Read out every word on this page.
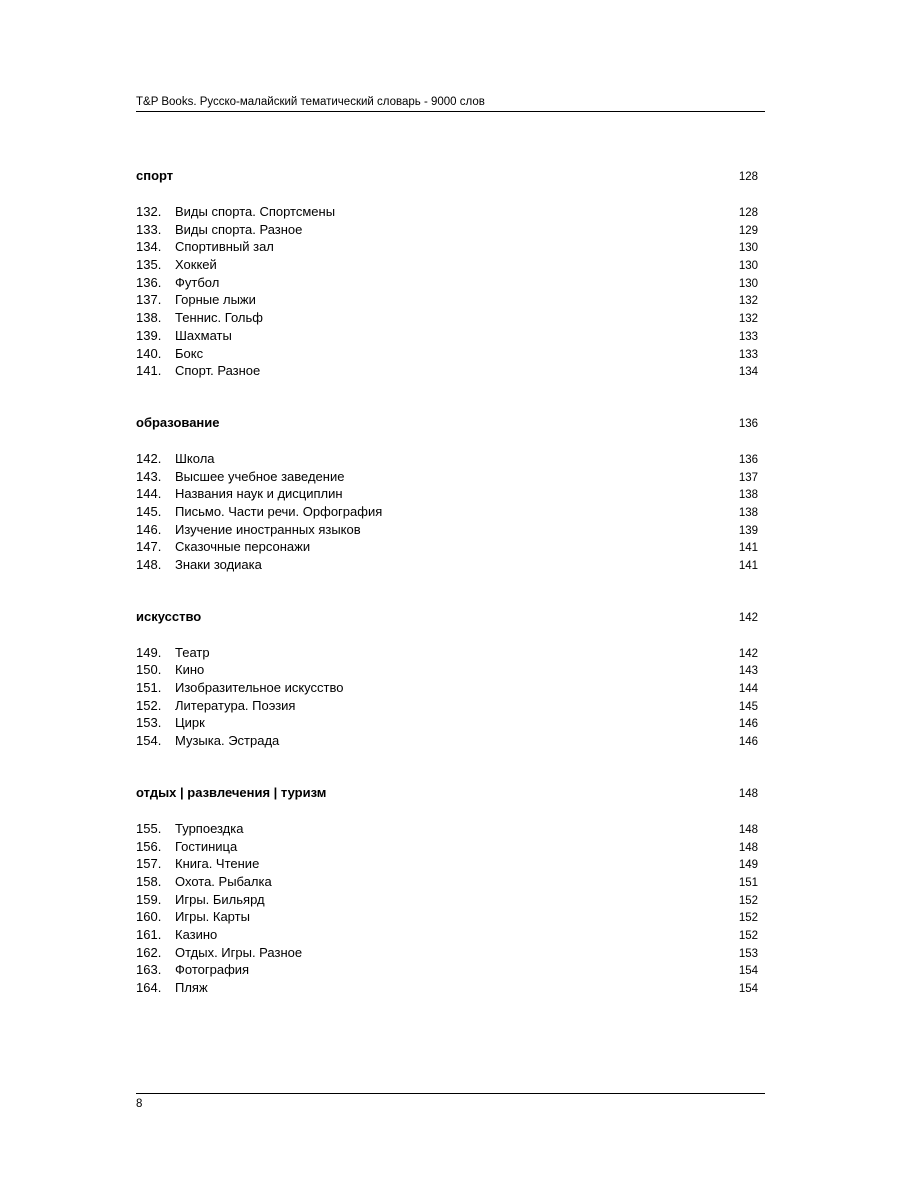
T&P Books. Русско-малайский тематический словарь - 9000 слов
спорт	128
132.	Виды спорта. Спортсмены	128
133.	Виды спорта. Разное	129
134.	Спортивный зал	130
135.	Хоккей	130
136.	Футбол	130
137.	Горные лыжи	132
138.	Теннис. Гольф	132
139.	Шахматы	133
140.	Бокс	133
141.	Спорт. Разное	134
образование	136
142.	Школа	136
143.	Высшее учебное заведение	137
144.	Названия наук и дисциплин	138
145.	Письмо. Части речи. Орфография	138
146.	Изучение иностранных языков	139
147.	Сказочные персонажи	141
148.	Знаки зодиака	141
искусство	142
149.	Театр	142
150.	Кино	143
151.	Изобразительное искусство	144
152.	Литература. Поэзия	145
153.	Цирк	146
154.	Музыка. Эстрада	146
отдых | развлечения | туризм	148
155.	Турпоездка	148
156.	Гостиница	148
157.	Книга. Чтение	149
158.	Охота. Рыбалка	151
159.	Игры. Бильярд	152
160.	Игры. Карты	152
161.	Казино	152
162.	Отдых. Игры. Разное	153
163.	Фотография	154
164.	Пляж	154
8
